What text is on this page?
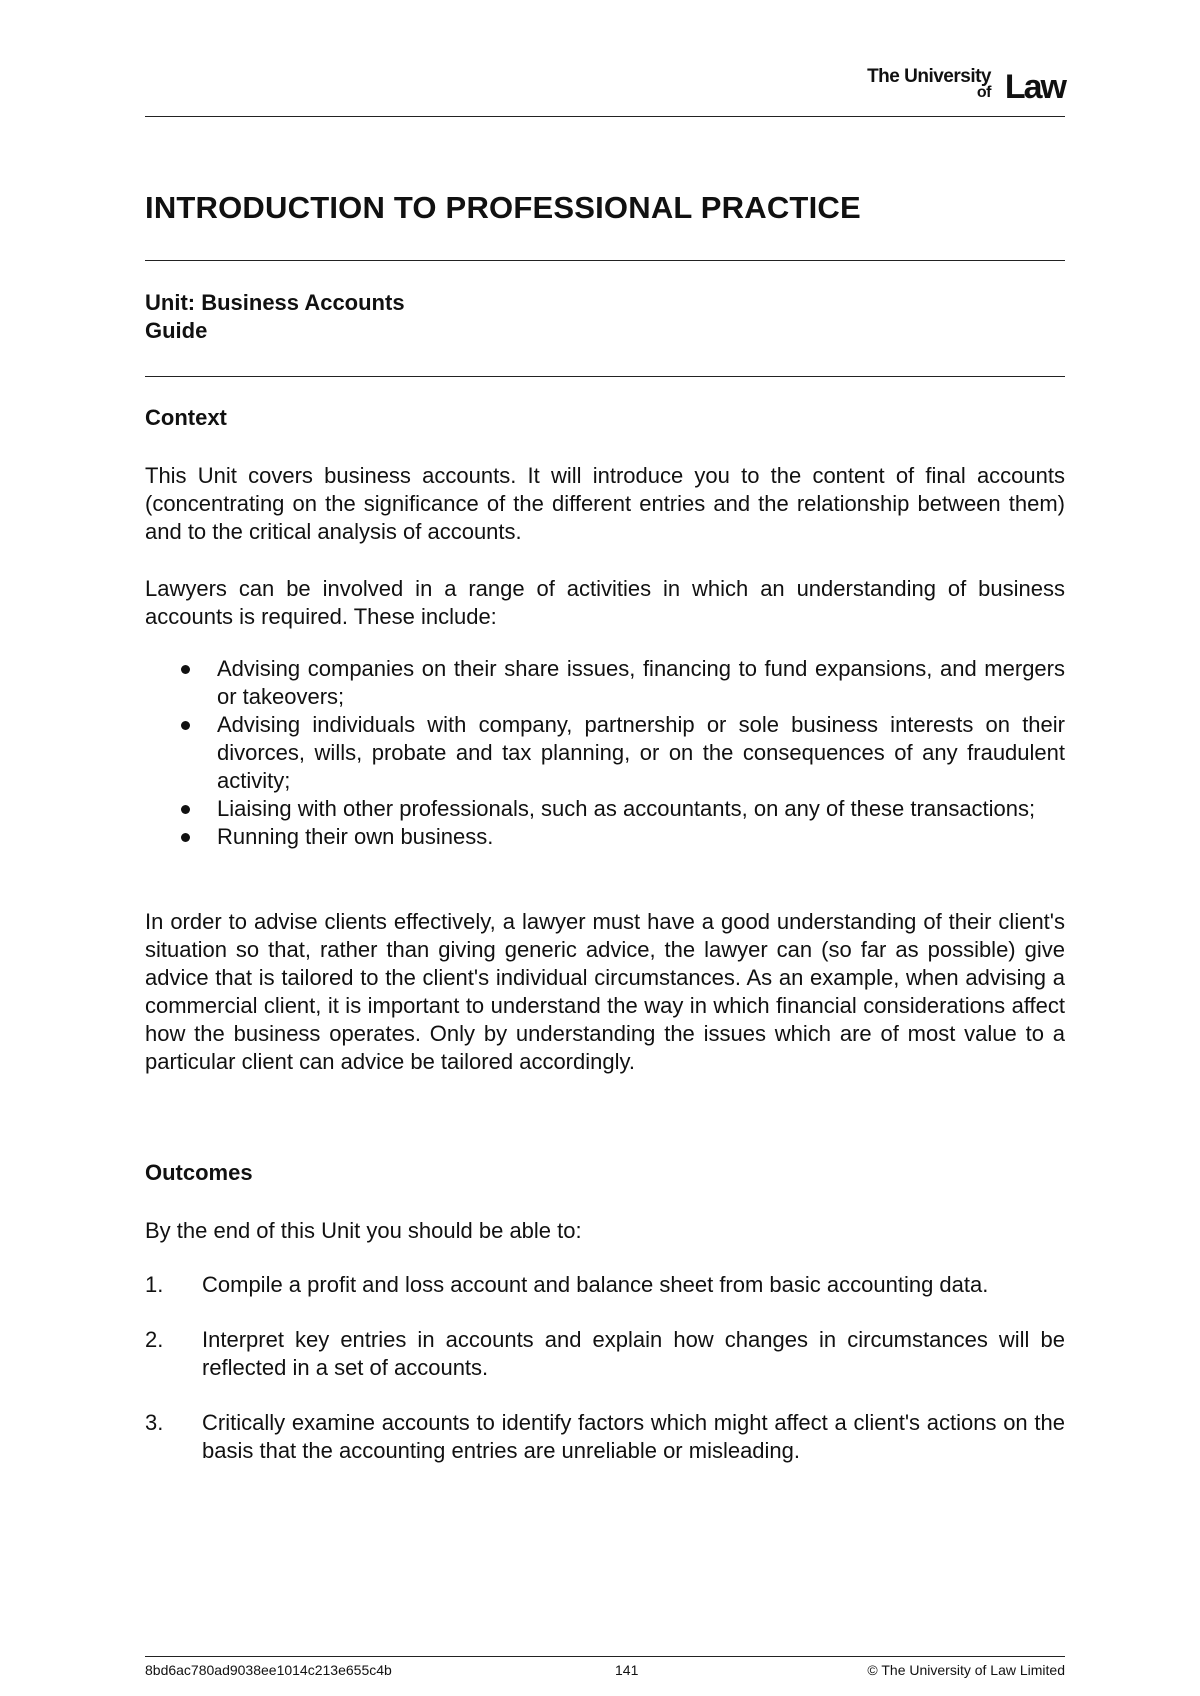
The University
of Law
INTRODUCTION TO PROFESSIONAL PRACTICE
Unit: Business Accounts
Guide
Context

This Unit covers business accounts. It will introduce you to the content of final accounts (concentrating on the significance of the different entries and the relationship between them) and to the critical analysis of accounts.

Lawyers can be involved in a range of activities in which an understanding of business accounts is required. These include:

Advising companies on their share issues, financing to fund expansions, and mergers or takeovers;
Advising individuals with company, partnership or sole business interests on their divorces, wills, probate and tax planning, or on the consequences of any fraudulent activity;
Liaising with other professionals, such as accountants, on any of these transactions;
Running their own business.

In order to advise clients effectively, a lawyer must have a good understanding of their client's situation so that, rather than giving generic advice, the lawyer can (so far as possible) give advice that is tailored to the client's individual circumstances. As an example, when advising a commercial client, it is important to understand the way in which financial considerations affect how the business operates. Only by understanding the issues which are of most value to a particular client can advice be tailored accordingly.

Outcomes

By the end of this Unit you should be able to:

1. Compile a profit and loss account and balance sheet from basic accounting data.
2. Interpret key entries in accounts and explain how changes in circumstances will be reflected in a set of accounts.
3. Critically examine accounts to identify factors which might affect a client's actions on the basis that the accounting entries are unreliable or misleading.
8bd6ac780ad9038ee1014c213e655c4b	141	© The University of Law Limited
